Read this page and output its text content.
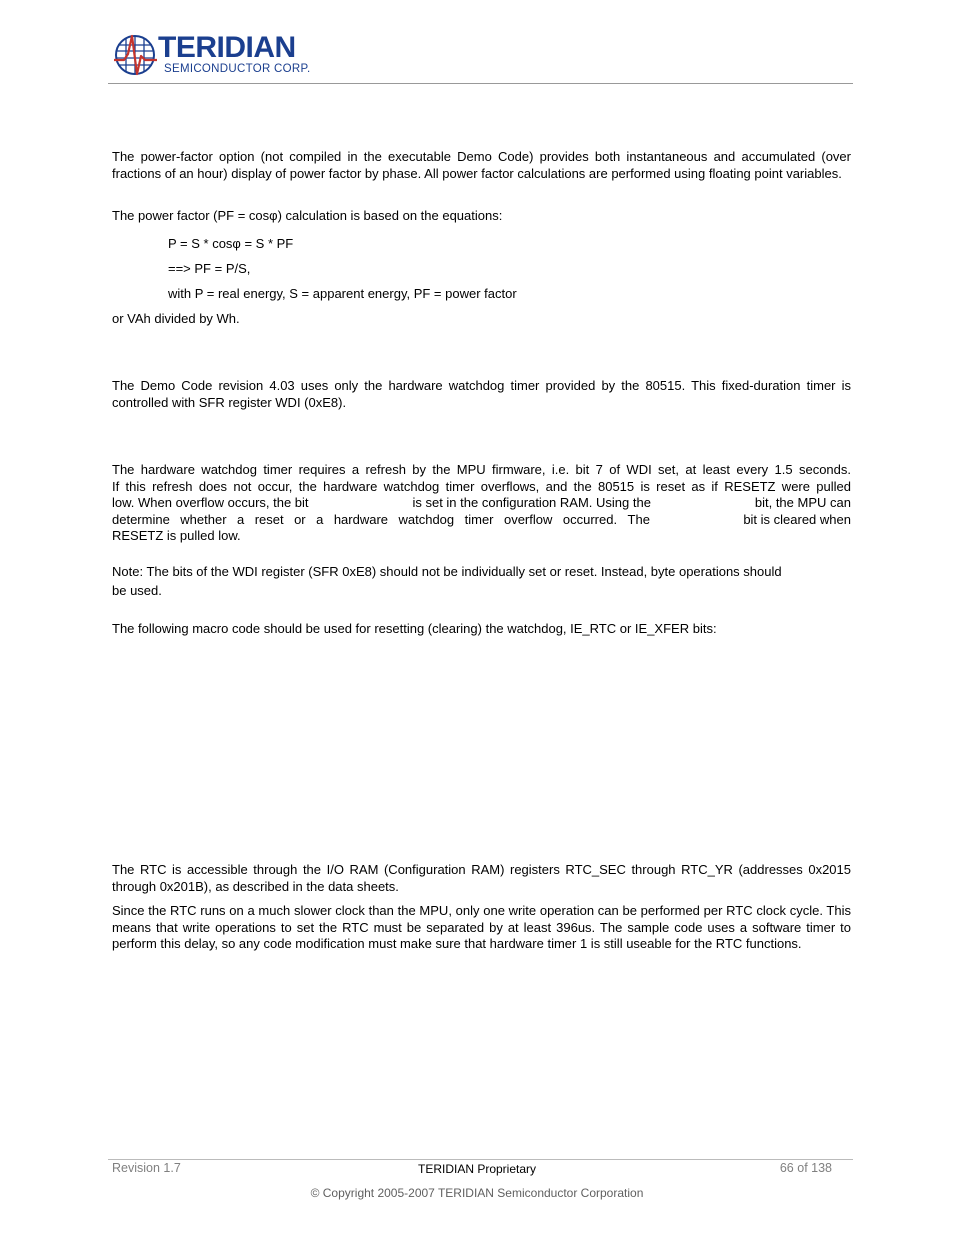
TERIDIAN
SEMICONDUCTOR CORP.
The power-factor option (not compiled in the executable Demo Code) provides both instantaneous and accumulated (over fractions of an hour) display of power factor by phase. All power factor calculations are performed using floating point variables.
The power factor (PF = cosφ) calculation is based on the equations:
P = S * cosφ = S * PF
==> PF = P/S,
with P = real energy, S = apparent energy, PF = power factor
or VAh divided by Wh.
The Demo Code revision 4.03 uses only the hardware watchdog timer provided by the 80515. This fixed-duration timer is controlled with SFR register WDI (0xE8).
The hardware watchdog timer requires a refresh by the MPU firmware, i.e. bit 7 of WDI set, at least every 1.5 seconds.
If this refresh does not occur, the hardware watchdog timer overflows, and the 80515 is reset as if RESETZ were pulled
low. When overflow occurs, the bit	is set in the configuration RAM. Using the	bit, the MPU can
determine whether a reset or a hardware watchdog timer overflow occurred. The	bit is cleared when
RESETZ is pulled low.
Note: The bits of the WDI register (SFR 0xE8) should not be individually set or reset. Instead, byte operations should
be used.
The following macro code should be used for resetting (clearing) the watchdog, IE_RTC or IE_XFER bits:
The RTC is accessible through the I/O RAM (Configuration RAM) registers RTC_SEC through RTC_YR (addresses 0x2015 through 0x201B), as described in the data sheets.
Since the RTC runs on a much slower clock than the MPU, only one write operation can be performed per RTC clock cycle. This means that write operations to set the RTC must be separated by at least 396us. The sample code uses a software timer to perform this delay, so any code modification must make sure that hardware timer 1 is still useable for the RTC functions.
Revision 1.7	TERIDIAN Proprietary	66 of 138
© Copyright 2005-2007 TERIDIAN Semiconductor Corporation
